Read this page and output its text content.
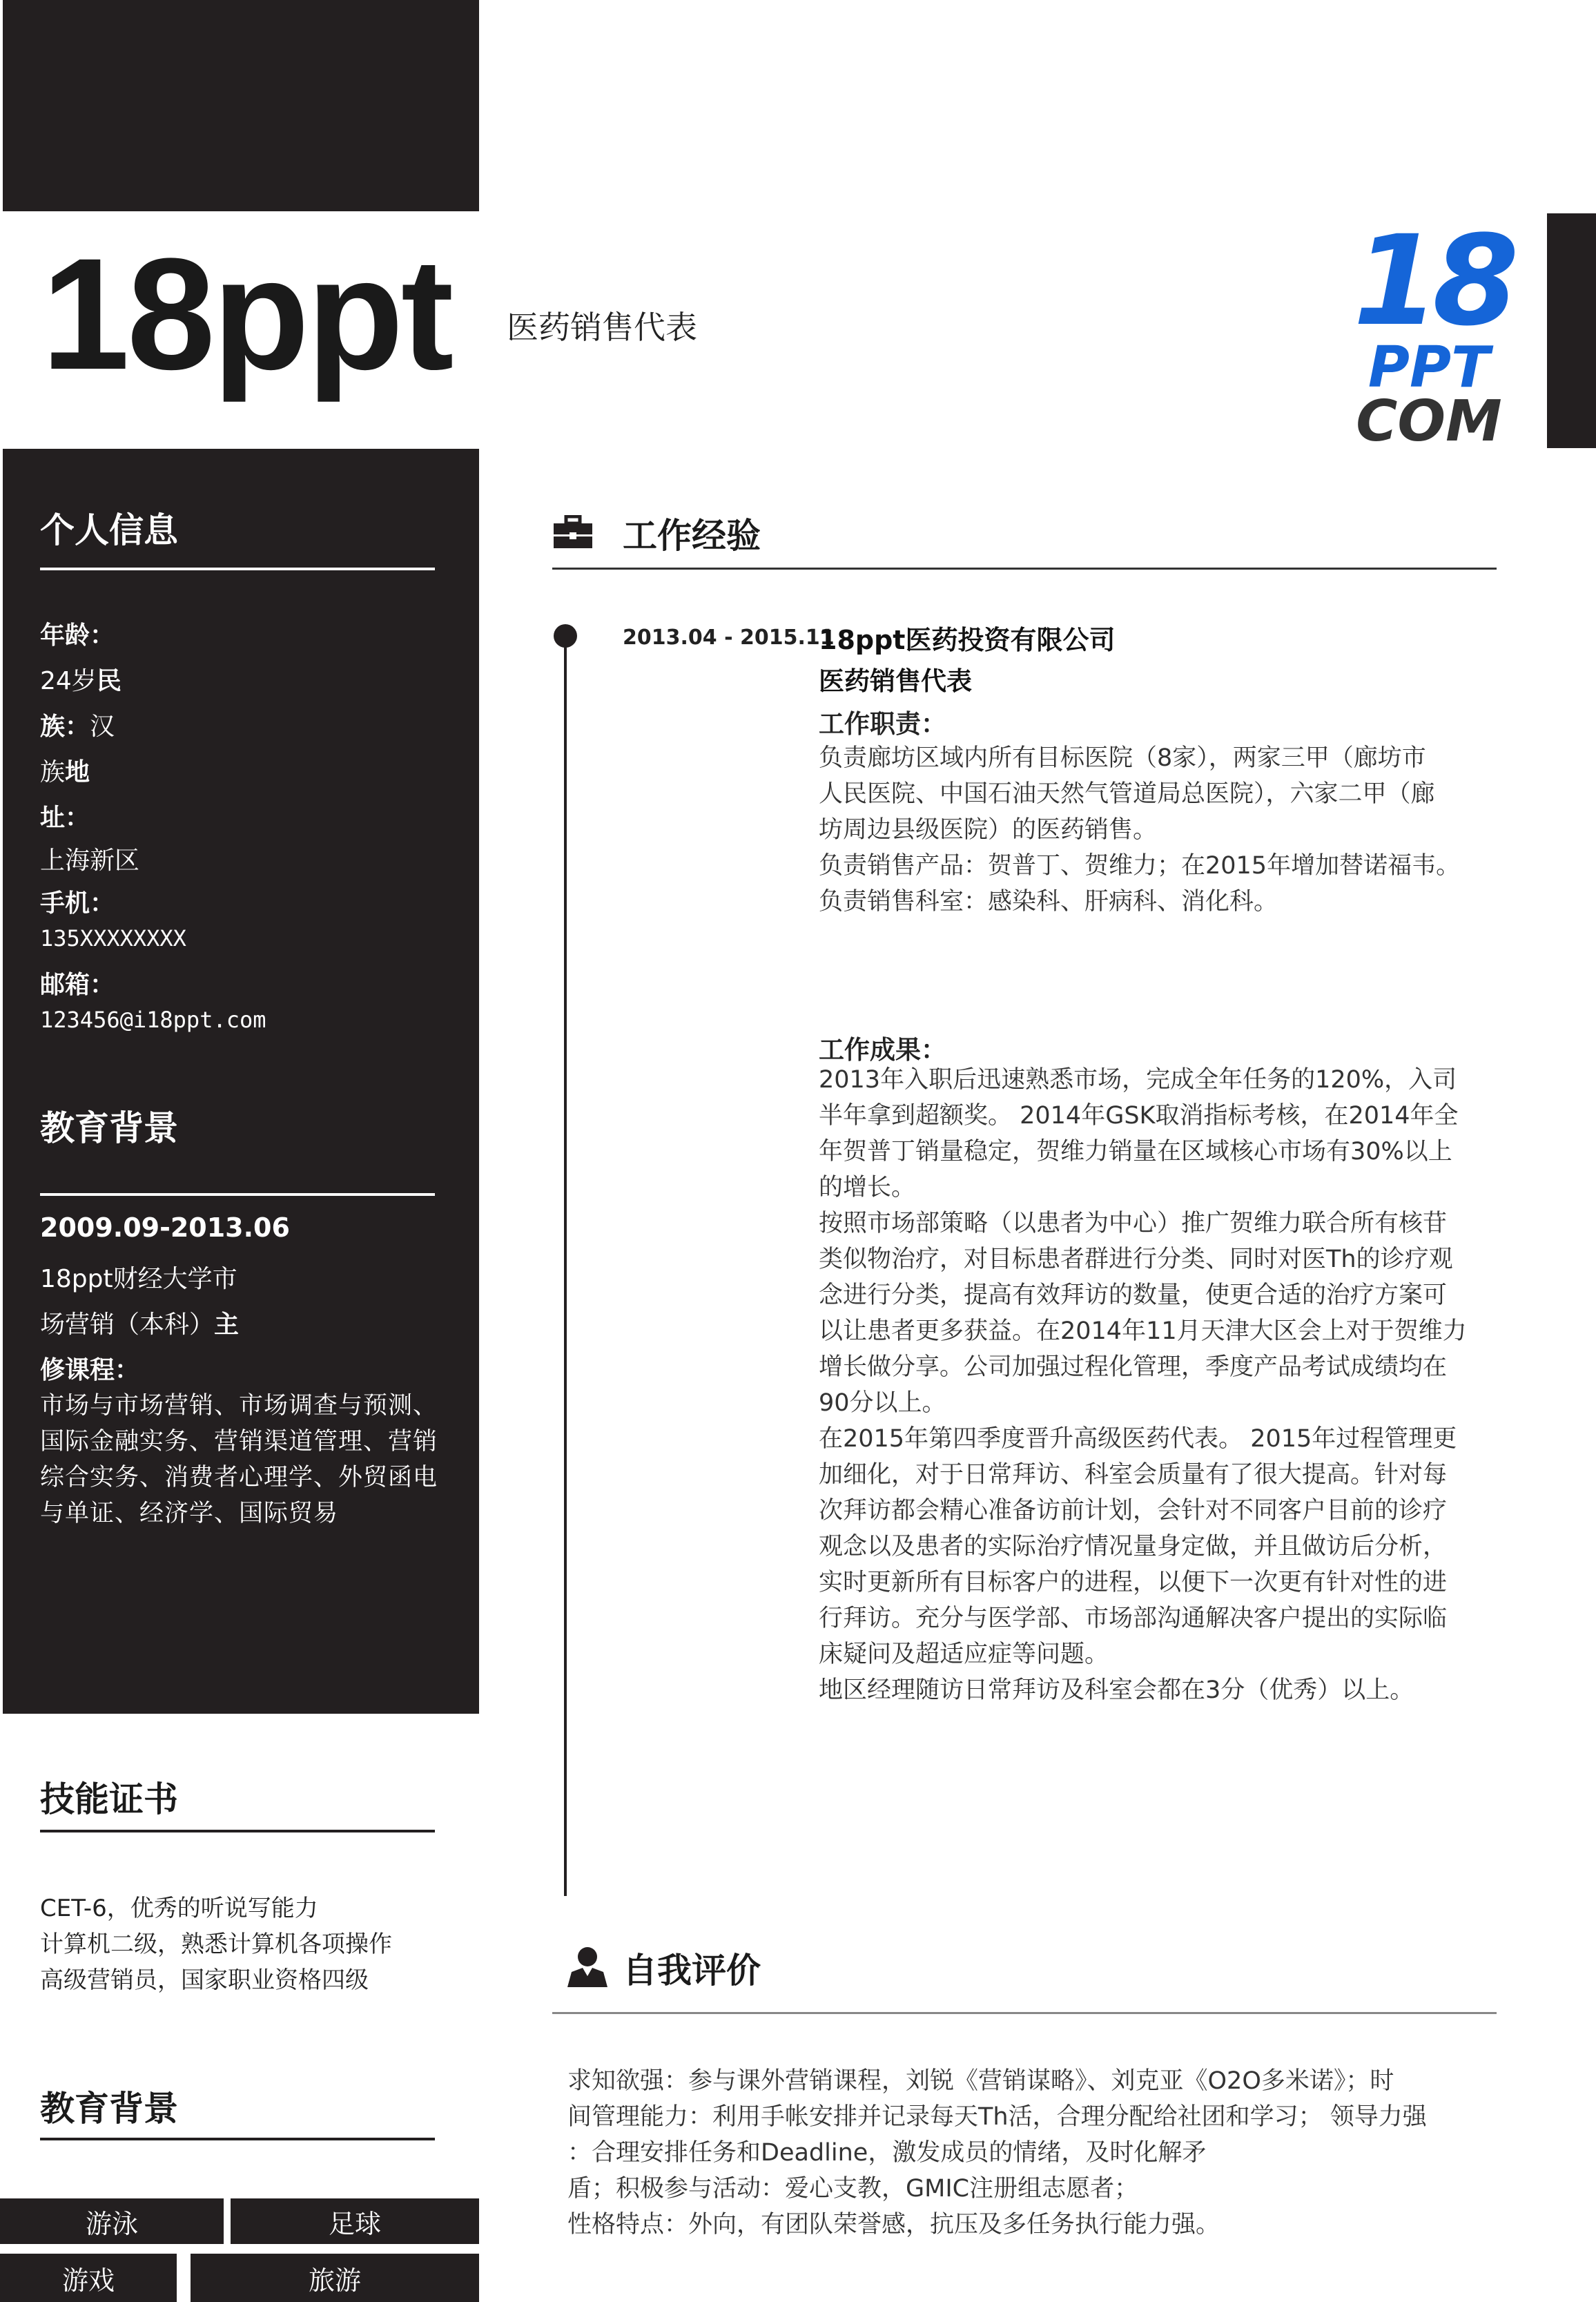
18ppt 医药销售代表	18
PPT
COM
个人信息
年龄：
24岁民
族：汉
族地
址：
上海新区
手机：
135XXXXXXXX
邮箱：
123456@i18ppt.com
教育背景
2009.09-2013.06
18ppt财经大学市
场营销（本科）主
修课程：
市场与市场营销、市场调查与预测、国际金融实务、营销渠道管理、营销综合实务、消费者心理学、外贸函电与单证、经济学、国际贸易
技能证书
CET-6，优秀的听说写能力
计算机二级，熟悉计算机各项操作
高级营销员，国家职业资格四级
教育背景
游泳	足球
游戏	旅游
工作经验
2013.04 - 2015.11
18ppt医药投资有限公司
医药销售代表
工作职责：
负责廊坊区域内所有目标医院（8家），两家三甲（廊坊市
人民医院、中国石油天然气管道局总医院），六家二甲（廊
坊周边县级医院）的医药销售。
负责销售产品：贺普丁、贺维力；在2015年增加替诺福韦。
负责销售科室：感染科、肝病科、消化科。
工作成果：
2013年入职后迅速熟悉市场，完成全年任务的120%，入司
半年拿到超额奖。 2014年GSK取消指标考核，在2014年全
年贺普丁销量稳定，贺维力销量在区域核心市场有30%以上
的增长。
按照市场部策略（以患者为中心）推广贺维力联合所有核苷
类似物治疗，对目标患者群进行分类、同时对医Th的诊疗观
念进行分类，提高有效拜访的数量，使更合适的治疗方案可
以让患者更多获益。在2014年11月天津大区会上对于贺维力
增长做分享。公司加强过程化管理，季度产品考试成绩均在
90分以上。
在2015年第四季度晋升高级医药代表。 2015年过程管理更
加细化，对于日常拜访、科室会质量有了很大提高。针对每
次拜访都会精心准备访前计划，会针对不同客户目前的诊疗
观念以及患者的实际治疗情况量身定做，并且做访后分析，
实时更新所有目标客户的进程，以便下一次更有针对性的进
行拜访。充分与医学部、市场部沟通解决客户提出的实际临
床疑问及超适应症等问题。
地区经理随访日常拜访及科室会都在3分（优秀）以上。
自我评价
求知欲强：参与课外营销课程，刘锐《营销谋略》、刘克亚《O2O多米诺》；时
间管理能力：利用手帐安排并记录每天Th活，合理分配给社团和学习； 领导力强
：合理安排任务和Deadline，激发成员的情绪，及时化解矛
盾；积极参与活动：爱心支教，GMIC注册组志愿者；
性格特点：外向，有团队荣誉感，抗压及多任务执行能力强。
